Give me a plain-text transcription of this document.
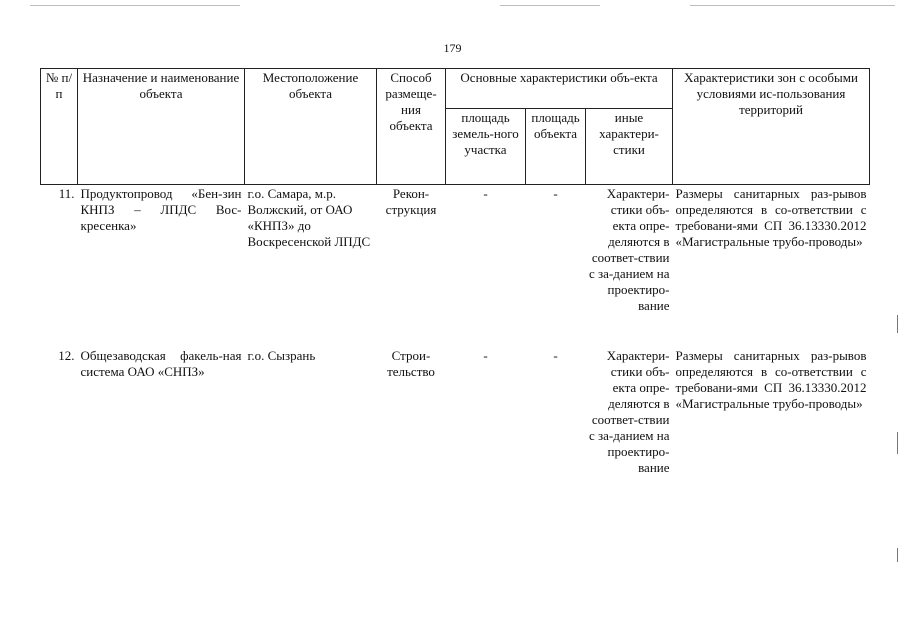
179
№ п/п	Назначение и наименование объекта	Местоположение объекта	Способ размеще-ния объекта	Основные характеристики объ-екта			Характеристики зон с особыми условиями ис-пользования территорий
				площадь земель-ного участка	площадь объекта	иные характери-стики	
11.	Продуктопровод «Бен-зин КНПЗ – ЛПДС Вос-кресенка»	г.о. Самара, м.р. Волжский, от ОАО «КНПЗ» до Воскресенской ЛПДС	Рекон-струкция	-	-	Характери-стики объ-екта опре-деляются в соответ-ствии с за-данием на проектиро-вание	Размеры санитарных раз-рывов определяются в со-ответствии с требовани-ями СП 36.13330.2012 «Магистральные трубо-проводы»
12.	Общезаводская факель-ная система ОАО «СНПЗ»	г.о. Сызрань	Строи-тельство	-	-	Характери-стики объ-екта опре-деляются в соответ-ствии с за-данием на проектиро-вание	Размеры санитарных раз-рывов определяются в со-ответствии с требовани-ями СП 36.13330.2012 «Магистральные трубо-проводы»
